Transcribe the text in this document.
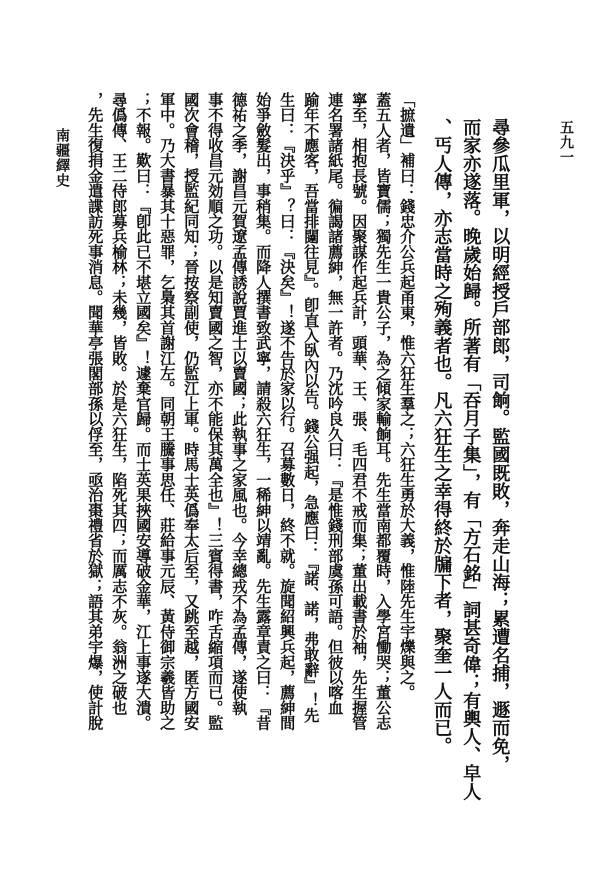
五九一
尋參瓜里軍，以明經授戶部郎，司餉。監國既敗，奔走山海；累遭名捕，遯而免，
而家亦遂落。晚歲始歸。所著有「吞月子集」，有「方石銘」詞甚奇偉；有輿人、皁人
、丐人傳，亦志當時之殉義者也。凡六狂生之幸得終於牖下者，聚奎一人而已。
「摭遺」補曰：錢忠介公兵起甬東，惟六狂生羣之；六狂生勇於大義，惟陸先生宇爍與之。
蓋五人者，皆寶儒；獨先生一貴公子，為之傾家輸餉耳。先生當南都覆時，入學宮慟哭；董公志
寧至，相抱長號。因聚謀作起兵計，頭華、王、張、毛四君不戒而集；董出載書於袖，先生握管
連名署諸紙尾。徧謁諸薦紳，無一許者。乃沈吟良久曰：『是惟錢刑部虞孫可語。但彼以喀血
踰年不應客，吾當排闥往見』。卽直入臥內以告。錢公强起，急應曰：『諾、諾，弗敢辭』！先
生曰：『決乎』？曰：『決矣』！遂不告於家以行。召募數日，終不就。旋聞紹興兵起，薦紳間
始爭斂髮出，事稍集。而降人撰書致武寧，請殺六狂生，一稀紳以靖亂。先生露章責之曰：『昔
德祐之季，謝昌元賀遼孟傳誘說賈進士以賣國；此執事之家風也。今幸總戎不為孟傳，遂使執
事不得收昌元効順之功。以是知賣國之智，亦不能保其萬全也』！三賓得書，咋舌縮項而已。監
國次會稽，授監紀同知；晉按察副使，仍監江上軍。時馬士英僞奉太后至，又跳至越，匿方國安
軍中。乃大書暴其十惡罪，乞梟其首謝江左。同朝王騰事思任、莊給事元辰、黃侍御宗羲皆助之
；不報。歎曰：『卽此已不堪立國矣』！遽棄官歸。而士英果挾國安導破金華，江上事遂大潰。
尋僞傳、王二侍郎募兵榆林；未幾，皆敗。於是六狂生，陷死其四；而厲志不灰。翁洲之破也
，先生復捐金遣諜訪死事消息。聞華亭張閣部孫以俘至，亟治棗禮省於獄；語其弟宇爆，使計脫
南疆繹史
